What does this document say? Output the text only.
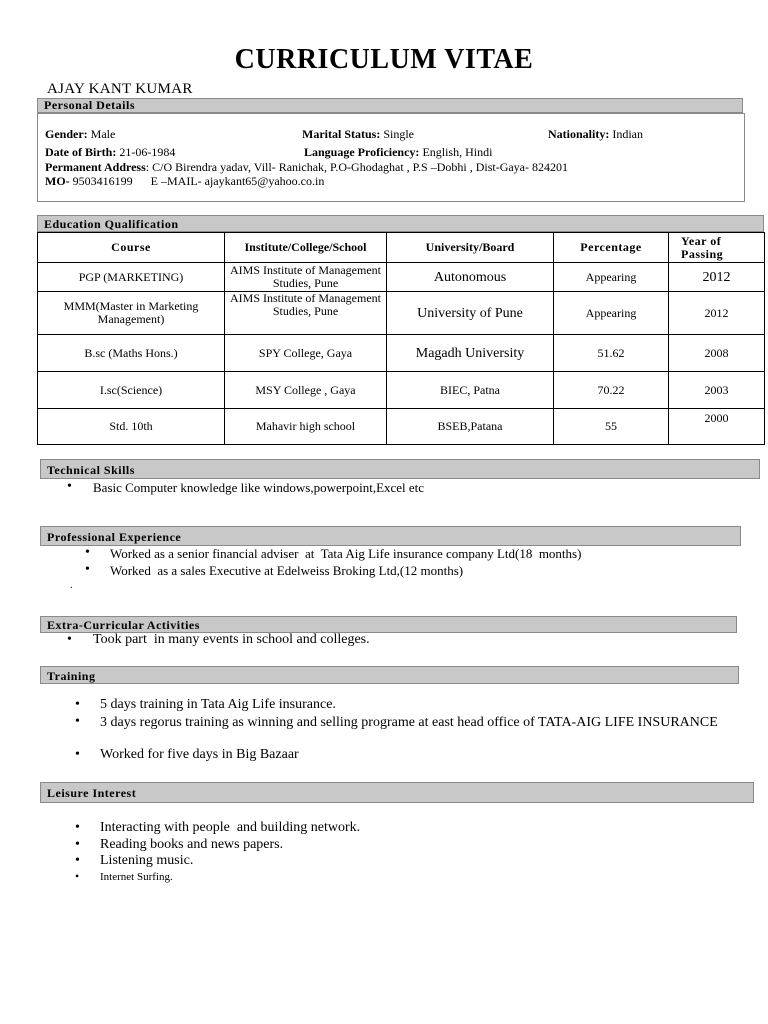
CURRICULUM VITAE
AJAY KANT KUMAR
Personal Details
Gender: Male	Marital Status: Single	Nationality: Indian
Date of Birth: 21-06-1984	Language Proficiency: English, Hindi
Permanent Address: C/O Birendra yadav, Vill- Ranichak, P.O-Ghodaghat , P.S –Dobhi , Dist-Gaya- 824201
MO- 9503416199      E –MAIL- ajaykant65@yahoo.co.in
Education Qualification
Course	Institute/College/School	University/Board	Percentage	Year of Passing
PGP (MARKETING)	AIMS Institute of Management Studies, Pune	Autonomous	Appearing	2012
MMM(Master in Marketing Management)	AIMS Institute of Management Studies, Pune	University of Pune	Appearing	2012
B.sc (Maths Hons.)	SPY College, Gaya	Magadh University	51.62	2008
I.sc(Science)	MSY College , Gaya	BIEC, Patna	70.22	2003
Std. 10th	Mahavir high school	BSEB,Patana	55	2000
Technical Skills
• Basic Computer knowledge like windows,powerpoint,Excel etc
Professional Experience
• Worked as a senior financial adviser  at  Tata Aig Life insurance company Ltd(18  months)
• Worked  as a sales Executive at Edelweiss Broking Ltd,(12 months)
.
Extra-Curricular Activities
• Took part  in many events in school and colleges.
Training
• 5 days training in Tata Aig Life insurance.
• 3 days regorus training as winning and selling programe at east head office of TATA-AIG LIFE INSURANCE
• Worked for five days in Big Bazaar
Leisure Interest
• Interacting with people  and building network.
• Reading books and news papers.
• Listening music.
• Internet Surfing.
